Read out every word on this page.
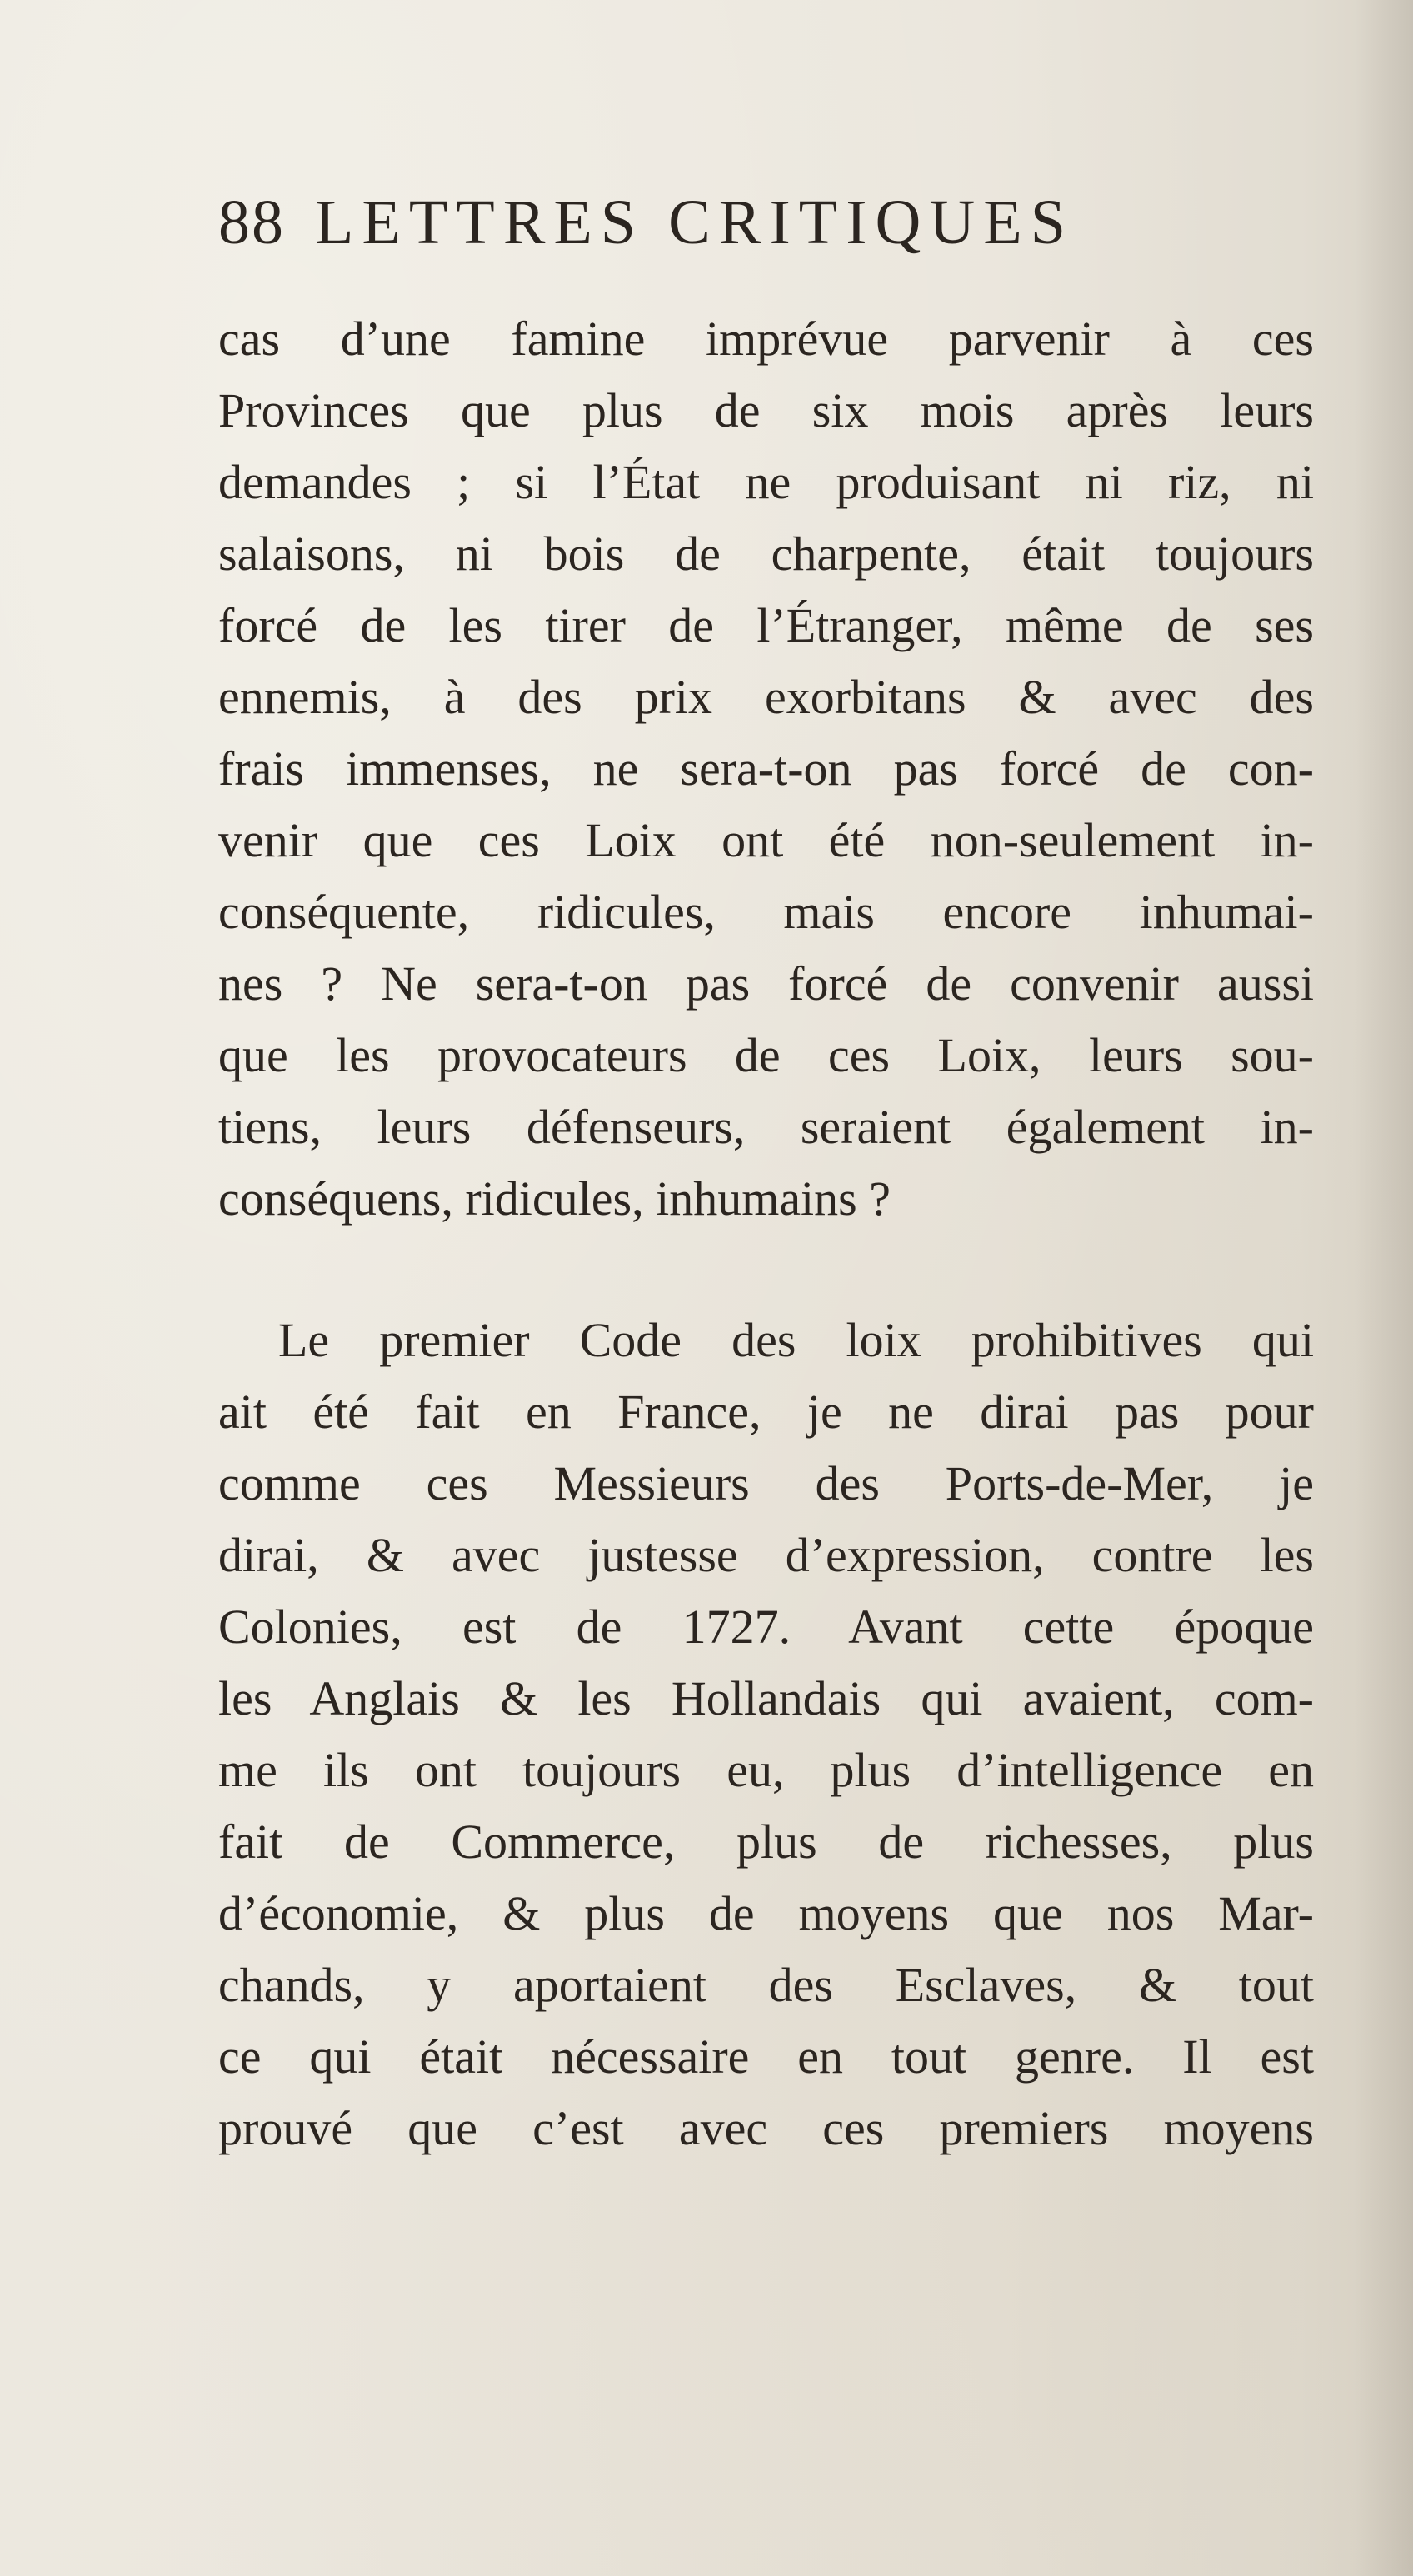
88 LETTRES CRITIQUES
cas d’une famine imprévue parvenir à ces
Provinces que plus de six mois après leurs
demandes ; si l’État ne produisant ni riz, ni
salaisons, ni bois de charpente, était toujours
forcé de les tirer de l’Étranger, même de ses
ennemis, à des prix exorbitans & avec des
frais immenses, ne sera-t-on pas forcé de con-
venir que ces Loix ont été non-seulement in-
conséquente, ridicules, mais encore inhumai-
nes ? Ne sera-t-on pas forcé de convenir aussi
que les provocateurs de ces Loix, leurs sou-
tiens, leurs défenseurs, seraient également in-
conséquens, ridicules, inhumains ?
Le premier Code des loix prohibitives qui
ait été fait en France, je ne dirai pas pour
comme ces Messieurs des Ports-de-Mer, je
dirai, & avec justesse d’expression, contre les
Colonies, est de 1727. Avant cette époque
les Anglais & les Hollandais qui avaient, com-
me ils ont toujours eu, plus d’intelligence en
fait de Commerce, plus de richesses, plus
d’économie, & plus de moyens que nos Mar-
chands, y aportaient des Esclaves, & tout
ce qui était nécessaire en tout genre. Il est
prouvé que c’est avec ces premiers moyens
